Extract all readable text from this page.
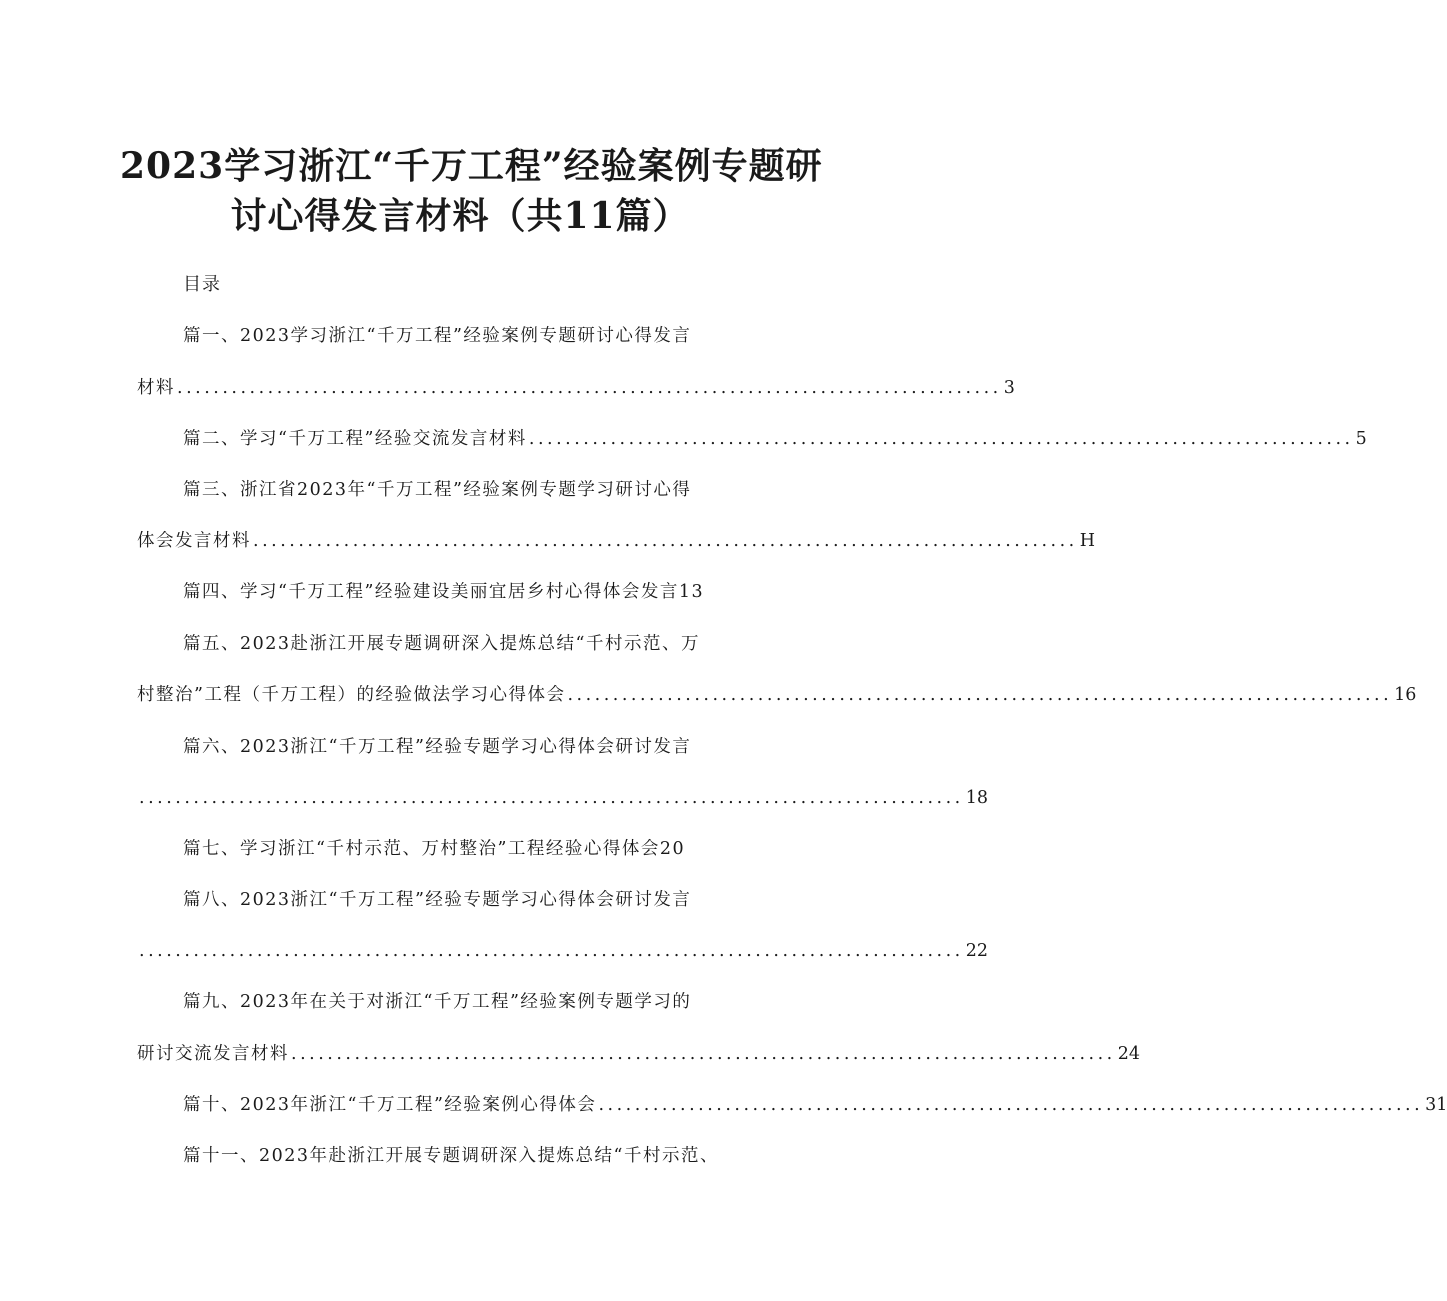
2023学习浙江“千万工程”经验案例专题研
讨心得发言材料（共11篇）
目录
篇一、2023学习浙江“千万工程”经验案例专题研讨心得发言
材料 ........................................................................................... 3
篇二、学习“千万工程”经验交流发言材料 ........................................................................................... 5
篇三、浙江省2023年“千万工程”经验案例专题学习研讨心得
体会发言材料 ........................................................................................... H
篇四、学习“千万工程”经验建设美丽宜居乡村心得体会发言13
篇五、2023赴浙江开展专题调研深入提炼总结“千村示范、万
村整治”工程（千万工程）的经验做法学习心得体会 ........................................................................................... 16
篇六、2023浙江“千万工程”经验专题学习心得体会研讨发言
........................................................................................... 18
篇七、学习浙江“千村示范、万村整治”工程经验心得体会20
篇八、2023浙江“千万工程”经验专题学习心得体会研讨发言
........................................................................................... 22
篇九、2023年在关于对浙江“千万工程”经验案例专题学习的
研讨交流发言材料 ........................................................................................... 24
篇十、2023年浙江“千万工程”经验案例心得体会 ........................................................................................... 31
篇十一、2023年赴浙江开展专题调研深入提炼总结“千村示范、
